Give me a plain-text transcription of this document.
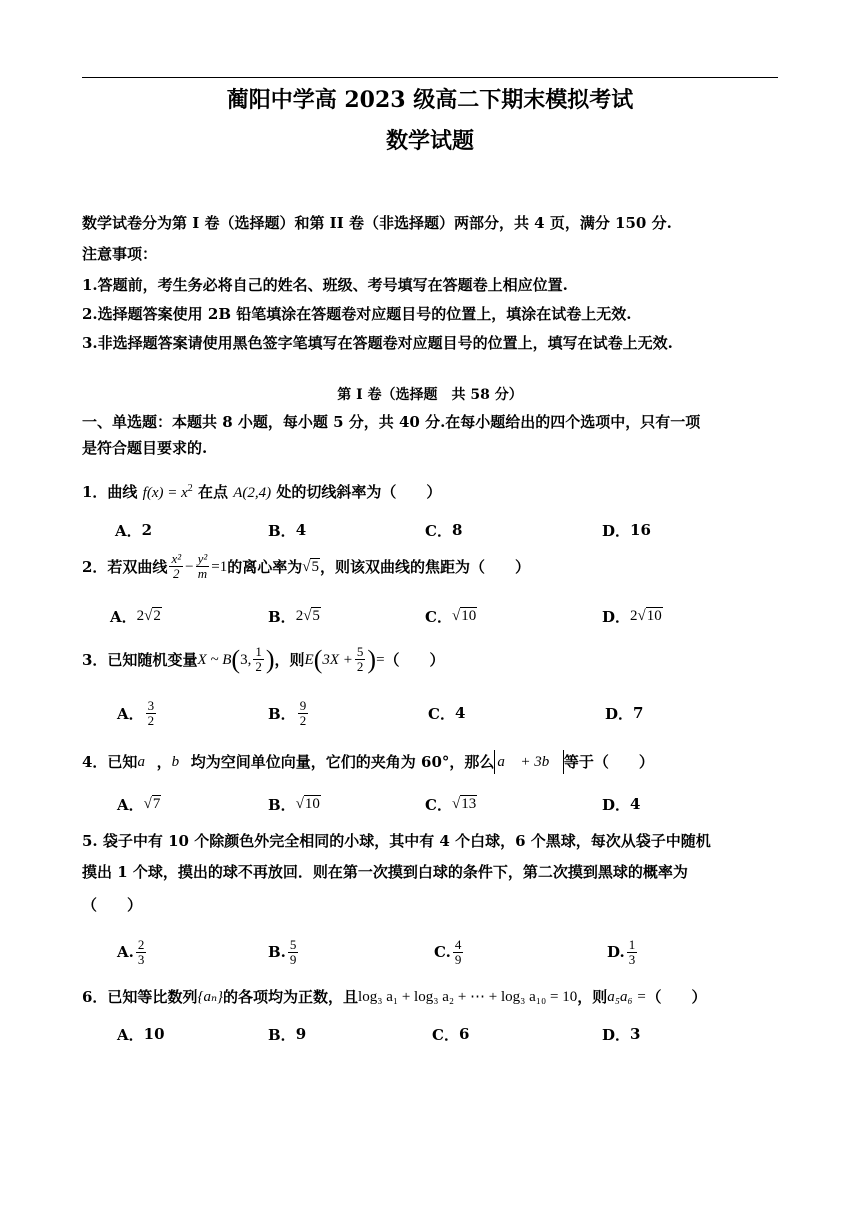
蔺阳中学高 2023 级高二下期末模拟考试
数学试题
数学试卷分为第 I 卷（选择题）和第 II 卷（非选择题）两部分，共 4 页，满分 150 分.
注意事项：
1.答题前，考生务必将自己的姓名、班级、考号填写在答题卷上相应位置.
2.选择题答案使用 2B 铅笔填涂在答题卷对应题目号的位置上，填涂在试卷上无效.
3.非选择题答案请使用黑色签字笔填写在答题卷对应题目号的位置上，填写在试卷上无效.
第 I 卷（选择题　共 58 分）
一、单选题：本题共 8 小题，每小题 5 分，共 40 分.在每小题给出的四个选项中，只有一项
是符合题目要求的.
1．曲线 $f(x) = x^2$ 在点 A(2,4) 处的切线斜率为（　　）
A． 2	B． 4	C． 8	D． 16
2．若双曲线 $\frac{\text{x²}}{2} - \frac{\text{y²}}{m} =1$ 的离心率为 √5 ，则该双曲线的焦距为（　　）
A． 2√2	B． 2√5	C． √10	D． 2√10
3．已知随机变量 X ~ B ( 3, $\frac{1}{2}$ ) ，则 E ( $3X + \frac{5}{2}$ ) = （　　）
A． $\frac{3}{2}$	B． $\frac{9}{2}$	C． 4	D． 7
4．已知 a⃗ ， b⃗ 均为空间单位向量，它们的夹角为 60°，那么 a⃗ + 3b⃗ 等于（　　）
A． √7	B． √10	C． √13	D． 4
5. 袋子中有 10 个除颜色外完全相同的小球，其中有 4 个白球，6 个黑球，每次从袋子中随机
摸出 1 个球，摸出的球不再放回．则在第一次摸到白球的条件下，第二次摸到黑球的概率为
（　　）
A. $\frac{2}{3}$	B. $\frac{5}{9}$	C. $\frac{4}{9}$	D. $\frac{1}{3}$
6．已知等比数列 {aₙ} 的各项均为正数，且 log₃ a₁ + log₃ a₂ + ⋯ + log₃ a₁₀ = 10 ，则 a₅a₆ = （　　）
A． 10	B． 9	C． 6	D． 3
